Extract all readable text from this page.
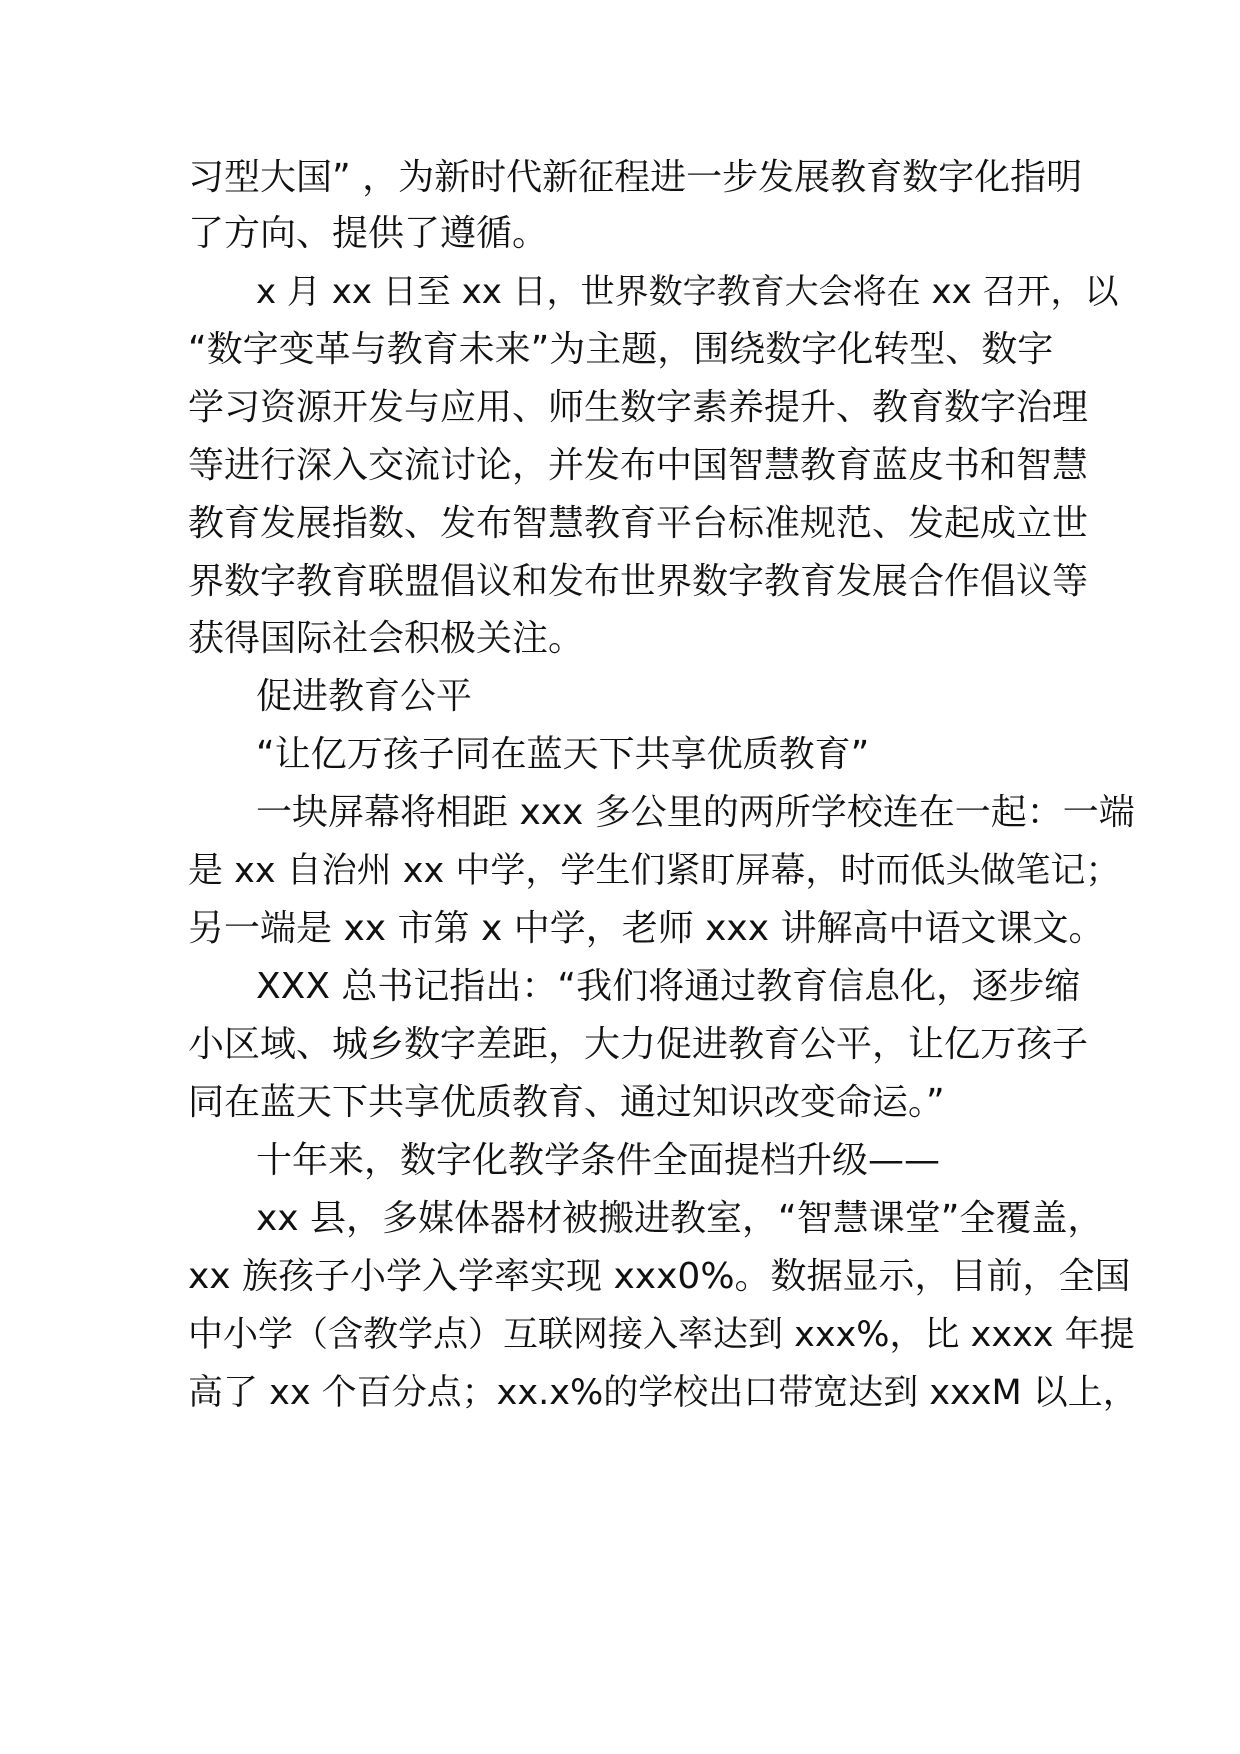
习型大国” ，为新时代新征程进一步发展教育数字化指明
了方向、提供了遵循。
x 月 xx 日至 xx 日，世界数字教育大会将在 xx 召开，以
“数字变革与教育未来”为主题，围绕数字化转型、数字
学习资源开发与应用、师生数字素养提升、教育数字治理
等进行深入交流讨论，并发布中国智慧教育蓝皮书和智慧
教育发展指数、发布智慧教育平台标准规范、发起成立世
界数字教育联盟倡议和发布世界数字教育发展合作倡议等
获得国际社会积极关注。
促进教育公平
“让亿万孩子同在蓝天下共享优质教育”
一块屏幕将相距 xxx 多公里的两所学校连在一起：一端
是 xx 自治州 xx 中学，学生们紧盯屏幕，时而低头做笔记；
另一端是 xx 市第 x 中学，老师 xxx 讲解高中语文课文。
XXX 总书记指出：“我们将通过教育信息化，逐步缩
小区域、城乡数字差距，大力促进教育公平，让亿万孩子
同在蓝天下共享优质教育、通过知识改变命运。”
十年来，数字化教学条件全面提档升级——
xx 县，多媒体器材被搬进教室，“智慧课堂”全覆盖，
xx 族孩子小学入学率实现 xxx0%。数据显示，目前，全国
中小学（含教学点）互联网接入率达到 xxx%，比 xxxx 年提
高了 xx 个百分点；xx.x%的学校出口带宽达到 xxxM 以上，
